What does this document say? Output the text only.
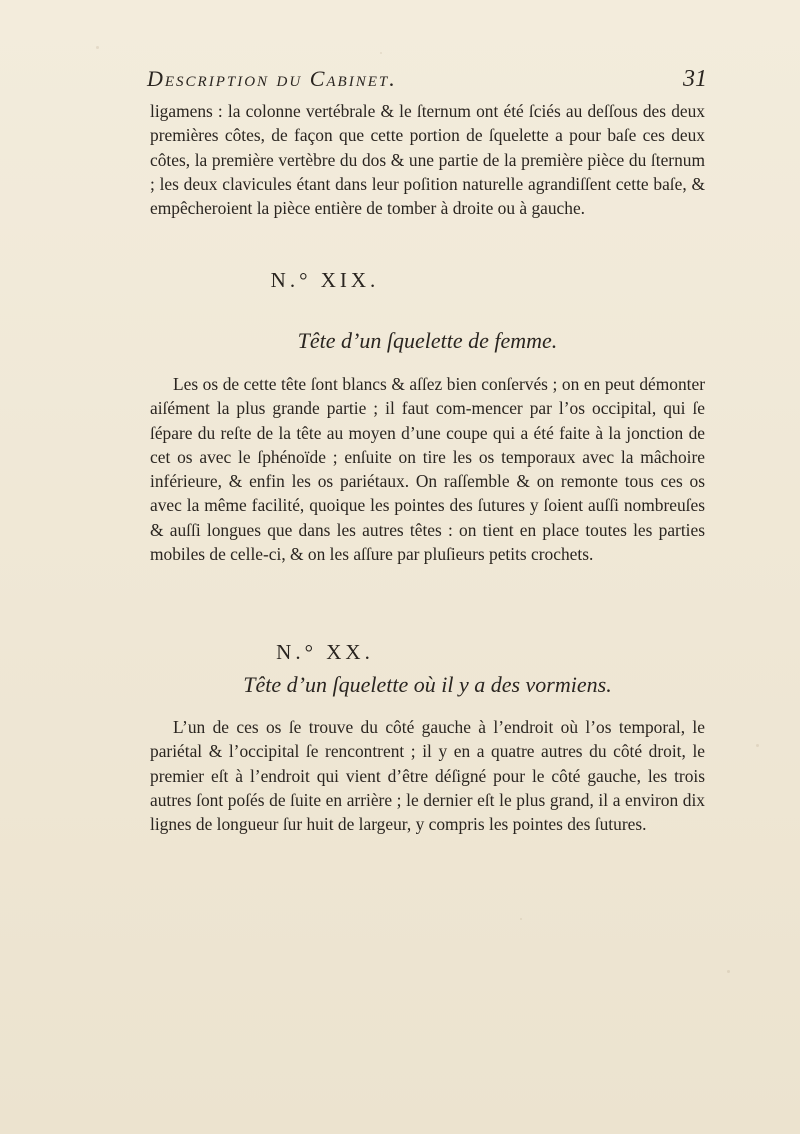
Description du Cabinet.	31

ligamens : la colonne vertébrale & le ſternum ont été ſciés au deſſous des deux premières côtes, de façon que cette portion de ſquelette a pour baſe ces deux côtes, la première vertèbre du dos & une partie de la première pièce du ſternum ; les deux clavicules étant dans leur poſition naturelle agrandiſſent cette baſe, & empêcheroient la pièce entière de tomber à droite ou à gauche.

N.° XIX.
Tête d’un ſquelette de femme.

Les os de cette tête ſont blancs & aſſez bien conſervés ; on en peut démonter aiſément la plus grande partie ; il faut com-mencer par l’os occipital, qui ſe ſépare du reſte de la tête au moyen d’une coupe qui a été faite à la jonction de cet os avec le ſphénoïde ; enſuite on tire les os temporaux avec la mâchoire inférieure, & enfin les os pariétaux. On raſſemble & on remonte tous ces os avec la même facilité, quoique les pointes des ſutures y ſoient auſſi nombreuſes & auſſi longues que dans les autres têtes : on tient en place toutes les parties mobiles de celle-ci, & on les aſſure par pluſieurs petits crochets.

N.° XX.
Tête d’un ſquelette où il y a des vormiens.

L’un de ces os ſe trouve du côté gauche à l’endroit où l’os temporal, le pariétal & l’occipital ſe rencontrent ; il y en a quatre autres du côté droit, le premier eſt à l’endroit qui vient d’être déſigné pour le côté gauche, les trois autres ſont poſés de ſuite en arrière ; le dernier eſt le plus grand, il a environ dix lignes de longueur ſur huit de largeur, y compris les pointes des ſutures.
